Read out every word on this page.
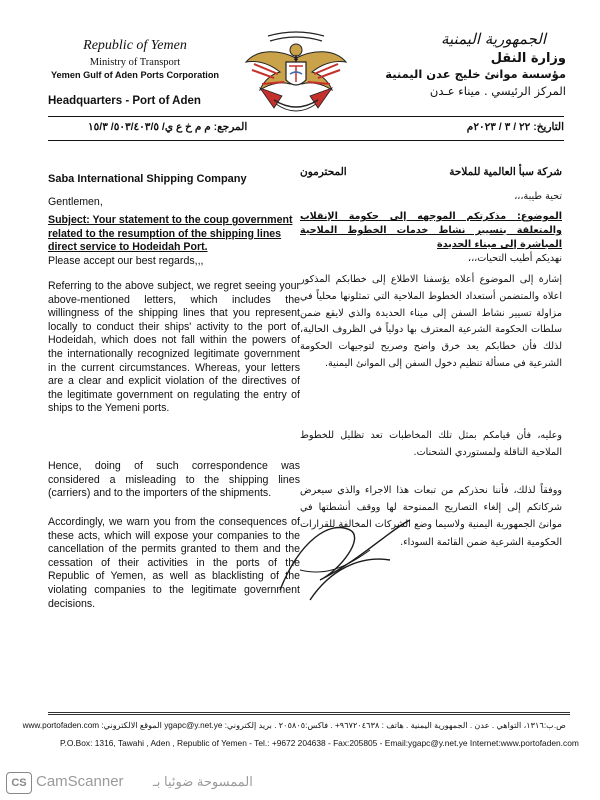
Republic of Yemen
Ministry of Transport
Yemen Gulf of Aden Ports Corporation
Headquarters - Port of Aden
الجمهورية اليمنية
وزارة النقل
مؤسسة موانئ خليج عدن اليمنية
المركز الرئيسي . ميناء عـدن
المرجع: م م خ ع ي/ ٥٠٣/٤٠٣/٥/ ١٥/٣	التاريخ: ٢٢ / ٣ / ٢٠٢٣م
Saba International Shipping Company
Gentlemen,

Subject: Your statement to the coup government related to the resumption of the shipping lines direct service to Hodeidah Port.

Please accept our best regards,,,

Referring to the above subject, we regret seeing your above-mentioned letters, which includes the willingness of the shipping lines that you represent locally to conduct their ships' activity to the port of Hodeidah, which does not fall within the powers of the internationally recognized legitimate government in the current circumstances. Whereas, your letters are a clear and explicit violation of the directives of the legitimate government on regulating the entry of ships to the Yemeni ports.
Hence, doing of such correspondence was considered a misleading to the shipping lines (carriers) and to the importers of the shipments.
Accordingly, we warn you from the consequences of these acts, which will expose your companies to the cancellation of the permits granted to them and the cessation of their activities in the ports of the Republic of Yemen, as well as blacklisting of the violating companies to the legitimate government decisions.
شركة سبأ العالمية للملاحة
المحترمون
تحية طيبة،،،

الموضوع: مذكرتكم الموجهه إلى حكومة الإنقلاب والمتعلقة بتسيير نشاط خدمات الخطوط الملاحية المباشرة إلى ميناء الحديدة

نهديكم أطيب التحيات،،،

إشارة إلى الموضوع أعلاه يؤسفنا الاطلاع إلى خطابكم المذكور اعلاه والمتضمن أستعداد الخطوط الملاحية التي تمثلونها محلياً في مزاولة تسيير نشاط السفن إلى ميناء الحديدة والذي لايقع ضمن سلطات الحكومة الشرعية المعترف بها دولياً في الظروف الحالية، لذلك فأن خطابكم يعد خرق واضح وصريح لتوجيهات الحكومة الشرعية في مسألة تنظيم دخول السفن إلى الموانئ اليمنية.
وعليه، فأن قيامكم بمثل تلك المخاطبات تعد تظليل للخطوط الملاحية الناقلة ولمستوردي الشحنات.
ووفقاً لذلك، فأننا نحذركم من تبعات هذا الاجراء والذي سيعرض شركاتكم إلى إلغاء التصاريح الممنوحة لها ووقف أنشطتها في موانئ الجمهورية اليمنية ولاسيما وضع الشركات المخالفة للقرارات الحكومية الشرعية ضمن القائمة السوداء.
ص.ب:١٣١٦، التواهي . عدن . الجمهورية اليمنية . هاتف : ٩٦٧٢٠٤٦٣٨+ . فاكس:٢٠٥٨٠٥ . بريد إلكتروني: ygapc@y.net.ye الموقع الالكتروني: www.portofaden.com
P.O.Box: 1316, Tawahi , Aden , Republic of Yemen - Tel.: +9672 204638 - Fax:205805 - Email:ygapc@y.net.ye Internet:www.portofaden.com
CS CamScanner الممسوحة ضوئيا بـ
